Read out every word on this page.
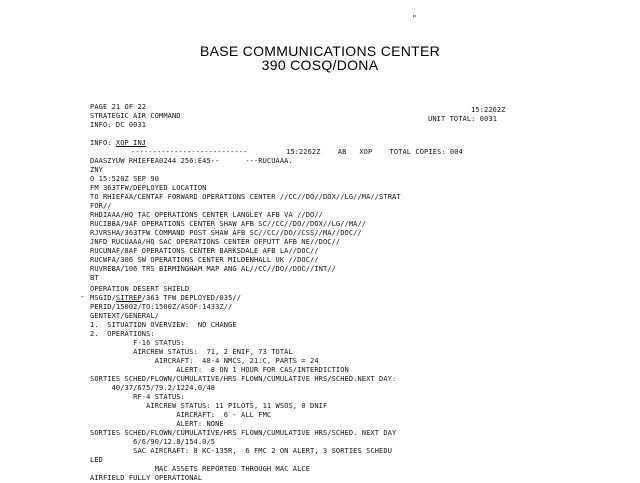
"
BASE COMMUNICATIONS CENTER
390 COSQ/DONA
PAGE 21 OF 22	15:2262Z
STRATEGIC AIR COMMAND	UNIT TOTAL: 0031
INFO: DC 0031
INFO: XOP INJ
---------------------------	15:2262Z    AB   XOP    TOTAL COPIES: 004
DAASZYUW RHIEFEA0244 256:E45--      ---RUCUAAA.
ZNY
O 15:520Z SEP 90
FM 363TFW/DEPLOYED LOCATION
TO RHIEFAA/CENTAF FORWARD OPERATIONS CENTER //CC//DO//DOX//LG//MA//STRAT
FOR//
RHDIAAA/HQ TAC OPERATIONS CENTER LANGLEY AFB VA //DO//
RUCIBBA/9AF OPERATIONS CENTER SHAW AFB SC//CC//DO//DOX//LG//MA//
RJVRSHA/363TFW COMMAND POST SHAW AFB SC//CC//DO//CSS//MA//DOC//
JNFD RUCUAAA/HQ SAC OPERATIONS CENTER OFFUTT AFB NE//DOC//
RUCUNAF/8AF OPERATIONS CENTER BARKSDALE AFB LA//DOC//
RUCWFA/306 SW OPERATIONS CENTER MILDENHALL UK //DOC//
RUVREBA/106 TRS BIRMINGHAM MAP ANG AL//CC//DO//DOC//INT//
BT
OPERATION DESERT SHIELD
- MSGID/SITREP/363 TFW DEPLOYED/035//
PERID/15002/TO:1500Z/ASOF:1433Z//
GENTEXT/GENERAL/
1.  SITUATION OVERVIEW:  NO CHANGE
2.  OPERATIONS:
F-16 STATUS:
AIRCREW STATUS:  71, 2 ENIF, 73 TOTAL
AIRCRAFT:  48-4 NMCS, 21:C, PARTS = 24
ALERT:  8 ON 1 HOUR FOR CAS/INTERDICTION
SORTIES SCHED/FLOWN/CUMULATIVE/HRS FLOWN/CUMULATIVE HRS/SCHED.NEXT DAY:
40/37/675/79.2/1224.0/48
RF-4 STATUS:
AIRCREW STATUS: 11 PILOTS, 11 WSOS, 0 DNIF
AIRCRAFT:  6 - ALL FMC
ALERT: NONE
SORTIES SCHED/FLOWN/CUMULATIVE/HRS FLOWN/CUMULATIVE HRS/SCHED. NEXT DAY
6/6/90/12.8/154.0/5
SAC AIRCRAFT: 8 KC-135R,  6 FMC 2 ON ALERT, 3 SORTIES SCHEDU
LED
MAC ASSETS REPORTED THROUGH MAC ALCE
AIRFIELD FULLY OPERATIONAL
